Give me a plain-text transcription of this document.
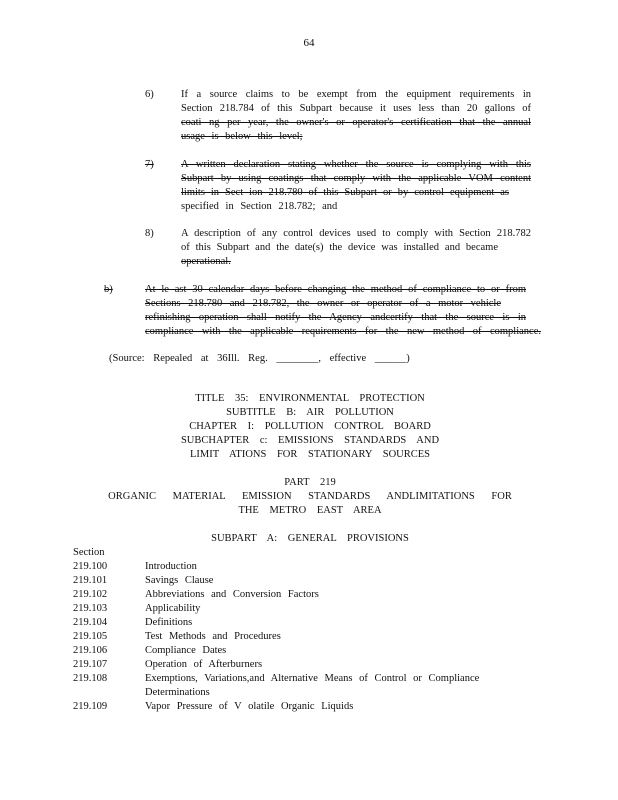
64
6)	If a source claims to be exempt from the equipment requirements in
Section 218.784 of this Subpart because it uses less than 20 gallons of
coati ng per year, the owner's or operator's certification that the annual
usage is below this level;
7)	A written declaration stating whether the source is complying with this
Subpart by using coatings that comply with the applicable VOM content
limits in Sect ion 218.780 of this Subpart or by control equipment as
specified in Section 218.782; and
8)	A description of any control devices used to comply with Section 218.782
of this Subpart and the date(s) the device was installed and became
operational.
b)	At le ast 30 calendar days before changing the method of compliance to or from
Sections 218.780 and 218.782, the owner or operator of a motor vehicle
refinishing operation shall notify the Agency andcertify that the source is in
compliance with the applicable requirements for the new method of compliance.
(Source: Repealed at 36Ill. Reg. ________, effective ______)
TITLE 35: ENVIRONMENTAL PROTECTION
SUBTITLE B: AIR POLLUTION
CHAPTER I: POLLUTION CONTROL BOARD
SUBCHAPTER c: EMISSIONS STANDARDS AND
LIMIT ATIONS FOR STATIONARY SOURCES
PART 219
ORGANIC MATERIAL EMISSION STANDARDS ANDLIMITATIONS FOR
THE METRO EAST AREA
SUBPART A: GENERAL PROVISIONS
Section
219.100	Introduction
219.101	Savings Clause
219.102	Abbreviations and Conversion Factors
219.103	Applicability
219.104	Definitions
219.105	Test Methods and Procedures
219.106	Compliance Dates
219.107	Operation of Afterburners
219.108	Exemptions, Variations,and Alternative Means of Control or Compliance
Determinations
219.109	Vapor Pressure of V olatile Organic Liquids
